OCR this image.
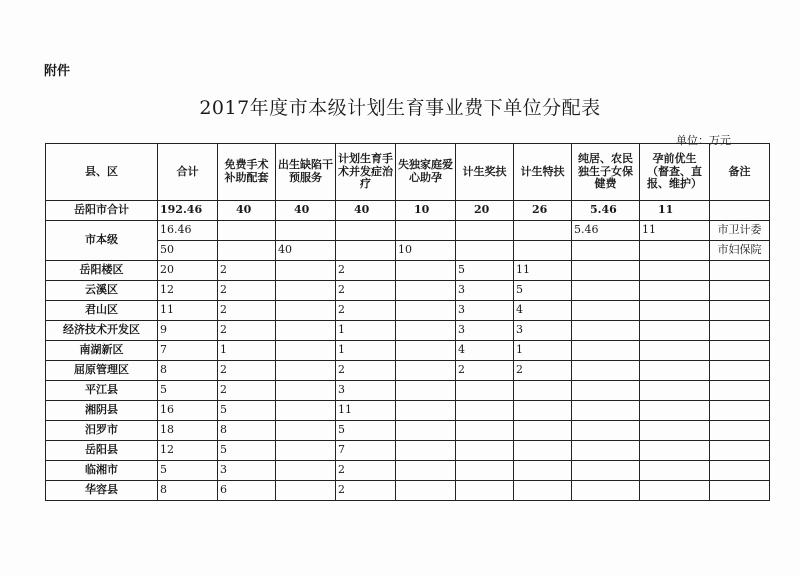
附件
2017年度市本级计划生育事业费下单位分配表
单位：万元
县、区	合计	免费手术补助配套	出生缺陷干预服务	计划生育手术并发症治疗	失独家庭爱心助孕	计生奖扶	计生特扶	纯居、农民独生子女保健费	孕前优生（督查、直报、维护）	备注
岳阳市合计	192.46	40	40	40	10	20	26	5.46	11	
市本级	16.46							5.46	11	市卫计委
	50		40		10					市妇保院
岳阳楼区	20	2		2		5	11			
云溪区	12	2		2		3	5			
君山区	11	2		2		3	4			
经济技术开发区	9	2		1		3	3			
南湖新区	7	1		1		4	1			
屈原管理区	8	2		2		2	2			
平江县	5	2		3						
湘阴县	16	5		11						
汨罗市	18	8		5						
岳阳县	12	5		7						
临湘市	5	3		2						
华容县	8	6		2						
